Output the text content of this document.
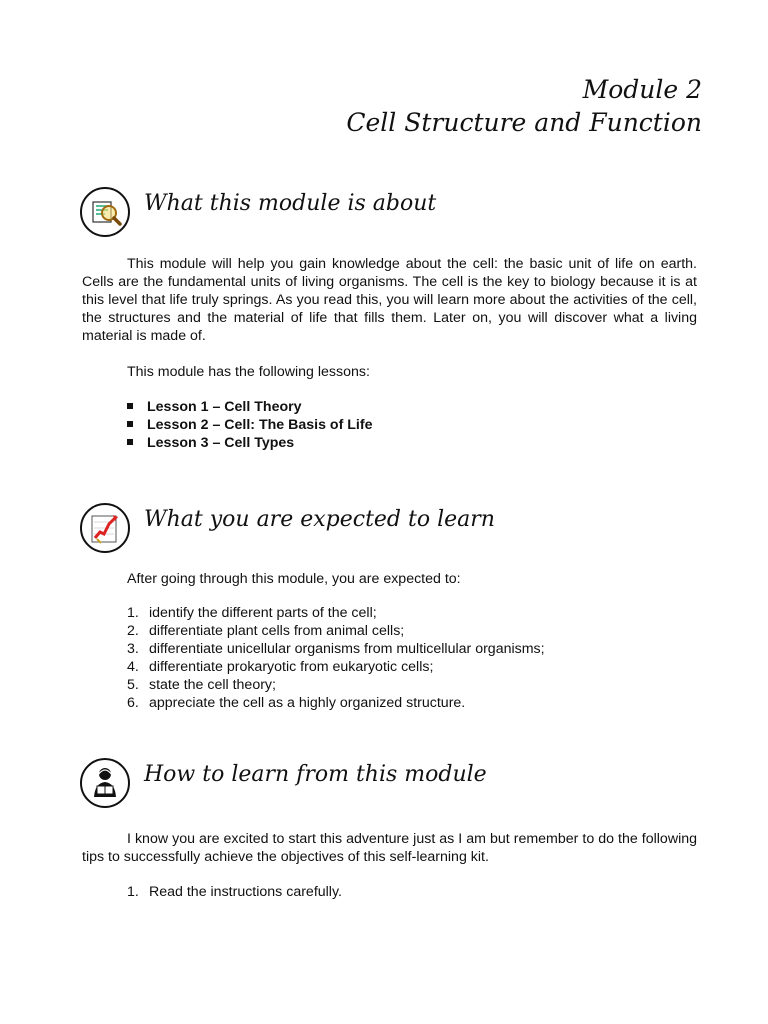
Module 2
Cell Structure and Function
What this module is about

This module will help you gain knowledge about the cell: the basic unit of life on earth. Cells are the fundamental units of living organisms. The cell is the key to biology because it is at this level that life truly springs. As you read this, you will learn more about the activities of the cell, the structures and the material of life that fills them. Later on, you will discover what a living material is made of.

This module has the following lessons:
Lesson 1 – Cell Theory
Lesson 2 – Cell: The Basis of Life
Lesson 3 – Cell Types
What you are expected to learn
After going through this module, you are expected to:
1. identify the different parts of the cell;
2. differentiate plant cells from animal cells;
3. differentiate unicellular organisms from multicellular organisms;
4. differentiate prokaryotic from eukaryotic cells;
5. state the cell theory;
6. appreciate the cell as a highly organized structure.
How to learn from this module

I know you are excited to start this adventure just as I am but remember to do the following tips to successfully achieve the objectives of this self-learning kit.

1. Read the instructions carefully.
